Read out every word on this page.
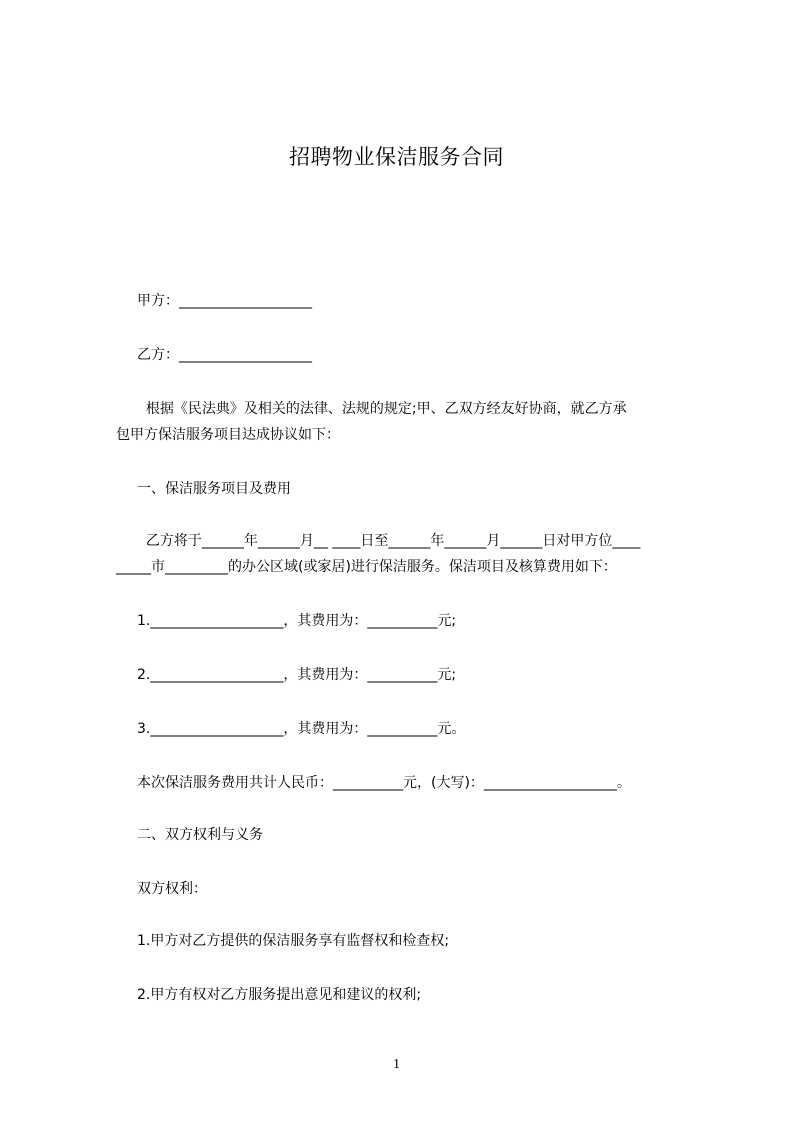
招聘物业保洁服务合同
甲方：___________________
乙方：___________________
根据《民法典》及相关的法律、法规的规定;甲、乙双方经友好协商，就乙方承
包甲方保洁服务项目达成协议如下：
一、保洁服务项目及费用
乙方将于______年______月__ ____日至______年______月______日对甲方位____
_____市_________的办公区域(或家居)进行保洁服务。保洁项目及核算费用如下：
1.___________________，其费用为：__________元;
2.___________________，其费用为：__________元;
3.___________________，其费用为：__________元。
本次保洁服务费用共计人民币：__________元，(大写)：___________________。
二、双方权利与义务
双方权利：
1.甲方对乙方提供的保洁服务享有监督权和检查权;
2.甲方有权对乙方服务提出意见和建议的权利;
1
